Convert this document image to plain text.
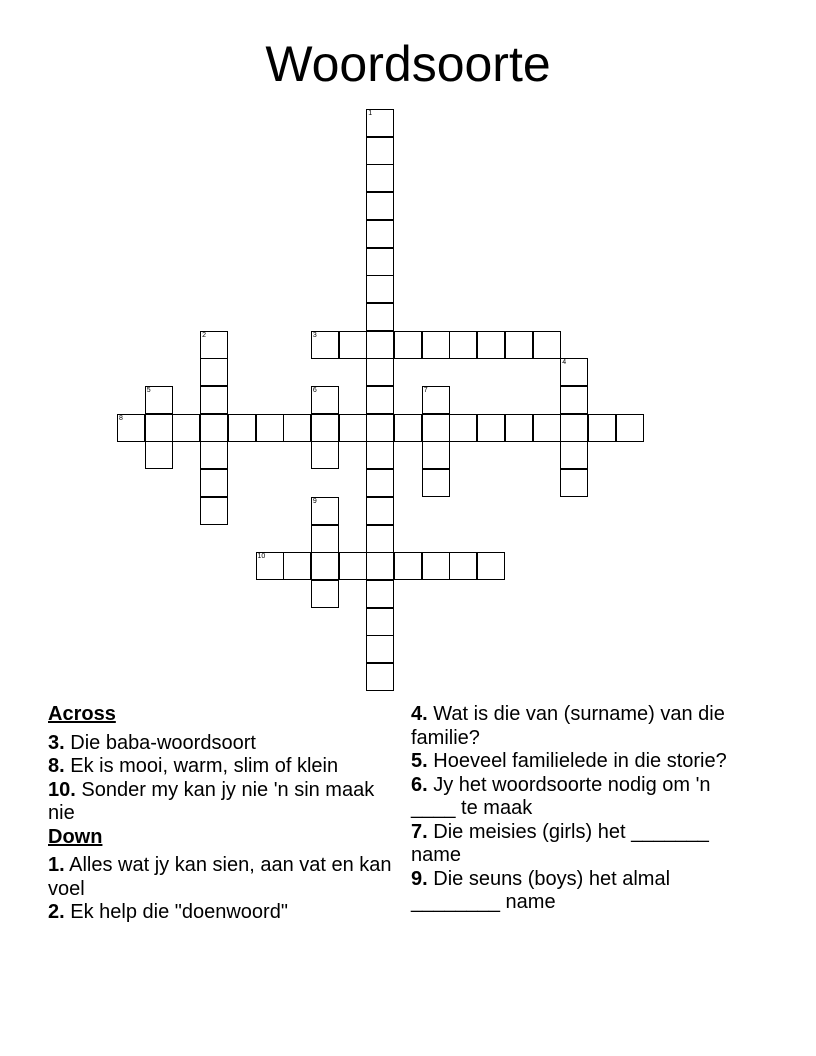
Woordsoorte
1
2	3
4
5	6	7
8
9
10
Across
3. Die baba-woordsoort
8. Ek is mooi, warm, slim of klein
10. Sonder my kan jy nie 'n sin maak nie
Down
1. Alles wat jy kan sien, aan vat en kan voel
2. Ek help die "doenwoord"
4. Wat is die van (surname) van die familie?
5. Hoeveel familielede in die storie?
6. Jy het woordsoorte nodig om 'n ____ te maak
7. Die meisies (girls) het _______ name
9. Die seuns (boys) het almal ________ name
